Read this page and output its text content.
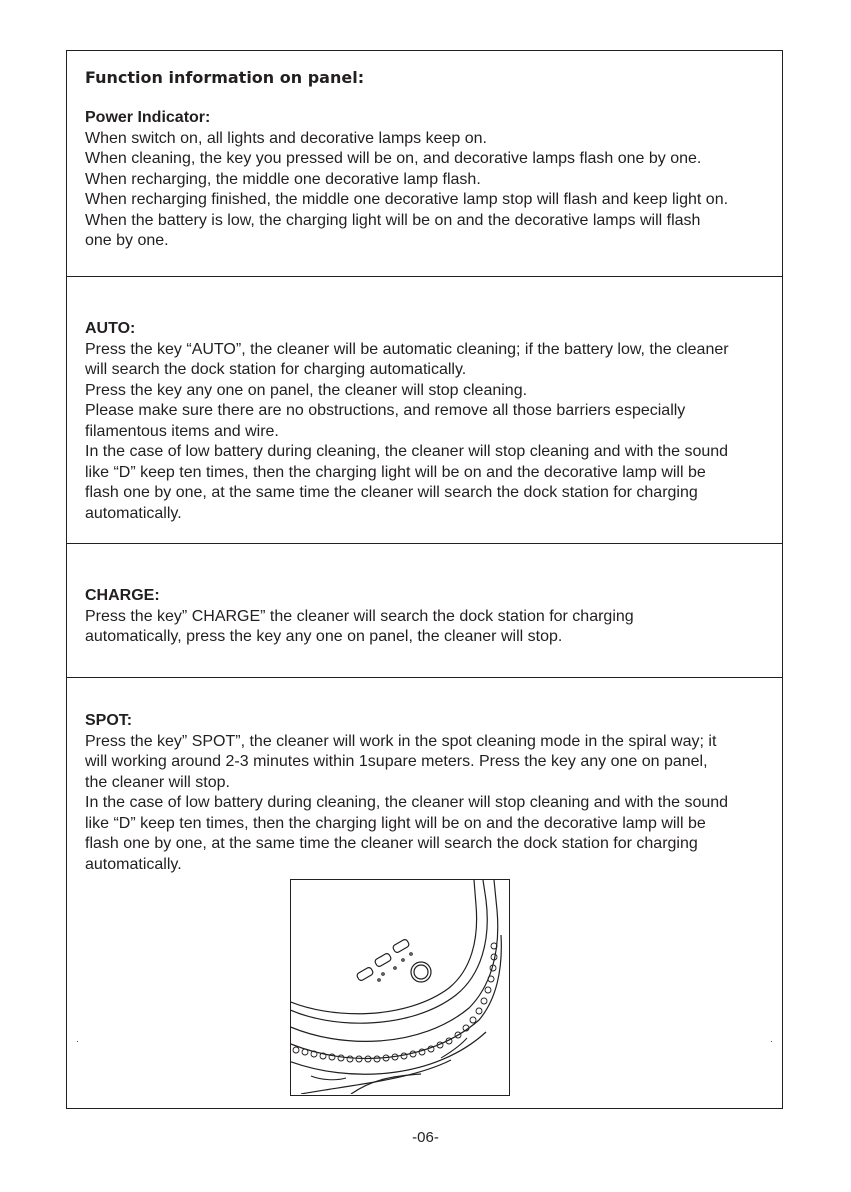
Function information on panel:

Power Indicator:

When switch on, all lights and decorative lamps keep on.

When cleaning, the key you pressed will be on, and decorative lamps flash one by one.

When recharging, the middle one decorative lamp flash.

When recharging finished, the middle one decorative lamp stop will flash and keep light on.

When the battery is low, the charging light will be on and the decorative lamps will flash

one by one.

AUTO:

Press the key “AUTO”, the cleaner will be automatic cleaning; if the battery low, the cleaner

will search the dock station for charging automatically.

Press the key any one on panel, the cleaner will stop cleaning.

Please make sure there are no obstructions, and remove all those barriers especially

filamentous items and wire.

In the case of low battery during cleaning, the cleaner will stop cleaning and with the sound

like “D” keep ten times, then the charging light will be on and the decorative lamp will be

flash one by one, at the same time the cleaner will search the dock station for charging

automatically.

CHARGE:

Press the key” CHARGE” the cleaner will search the dock station for charging

automatically, press the key any one on panel, the cleaner will stop.

SPOT:

Press the key” SPOT”, the cleaner will work in the spot cleaning mode in the spiral way; it

will working around 2-3 minutes within 1supare meters. Press the key any one on panel,

the cleaner will stop.

In the case of low battery during cleaning, the cleaner will stop cleaning and with the sound

like “D” keep ten times, then the charging light will be on and the decorative lamp will be

flash one by one, at the same time the cleaner will search the dock station for charging

automatically.

-06-
